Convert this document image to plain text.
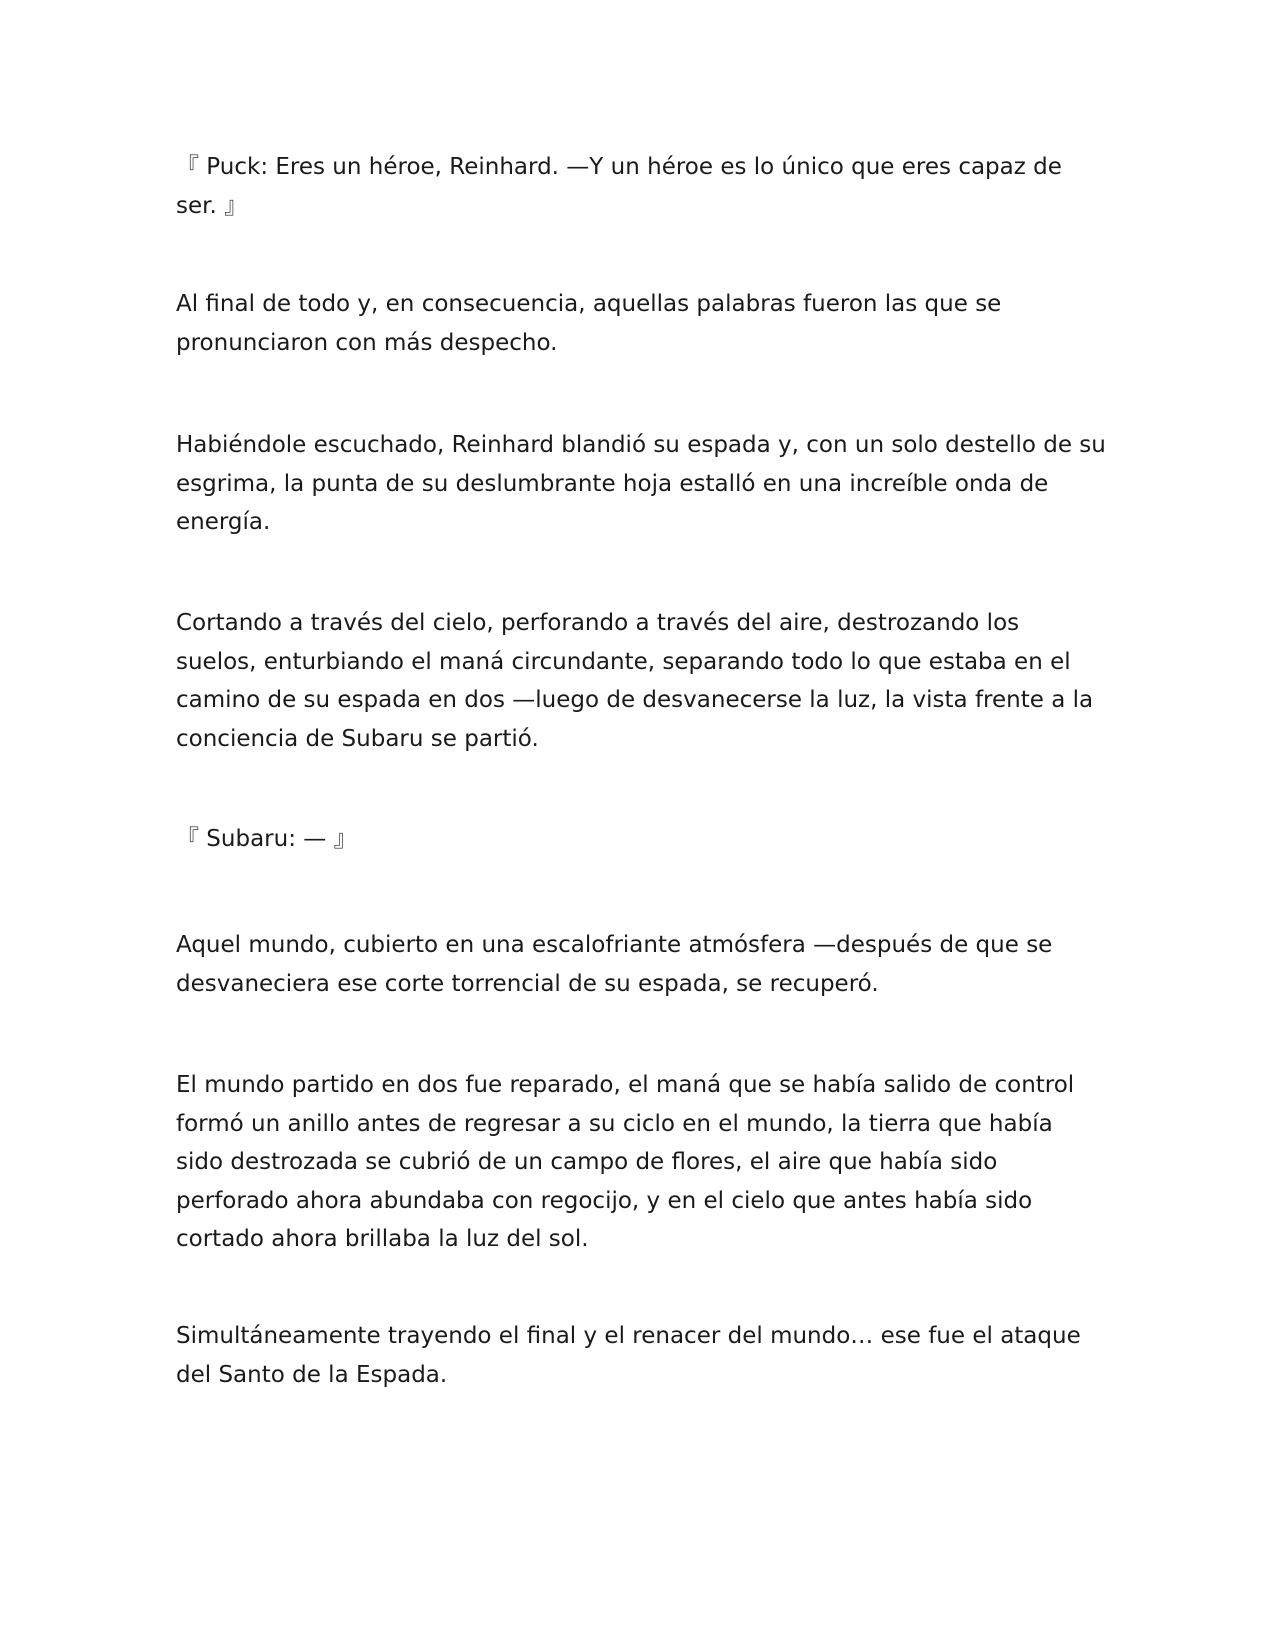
『 Puck: Eres un héroe, Reinhard. —Y un héroe es lo único que eres capaz de ser. 』

Al final de todo y, en consecuencia, aquellas palabras fueron las que se pronunciaron con más despecho.

Habiéndole escuchado, Reinhard blandió su espada y, con un solo destello de su esgrima, la punta de su deslumbrante hoja estalló en una increíble onda de energía.

Cortando a través del cielo, perforando a través del aire, destrozando los suelos, enturbiando el maná circundante, separando todo lo que estaba en el camino de su espada en dos —luego de desvanecerse la luz, la vista frente a la conciencia de Subaru se partió.

『 Subaru: — 』

Aquel mundo, cubierto en una escalofriante atmósfera —después de que se desvaneciera ese corte torrencial de su espada, se recuperó.

El mundo partido en dos fue reparado, el maná que se había salido de control formó un anillo antes de regresar a su ciclo en el mundo, la tierra que había sido destrozada se cubrió de un campo de flores, el aire que había sido perforado ahora abundaba con regocijo, y en el cielo que antes había sido cortado ahora brillaba la luz del sol.

Simultáneamente trayendo el final y el renacer del mundo… ese fue el ataque del Santo de la Espada.
